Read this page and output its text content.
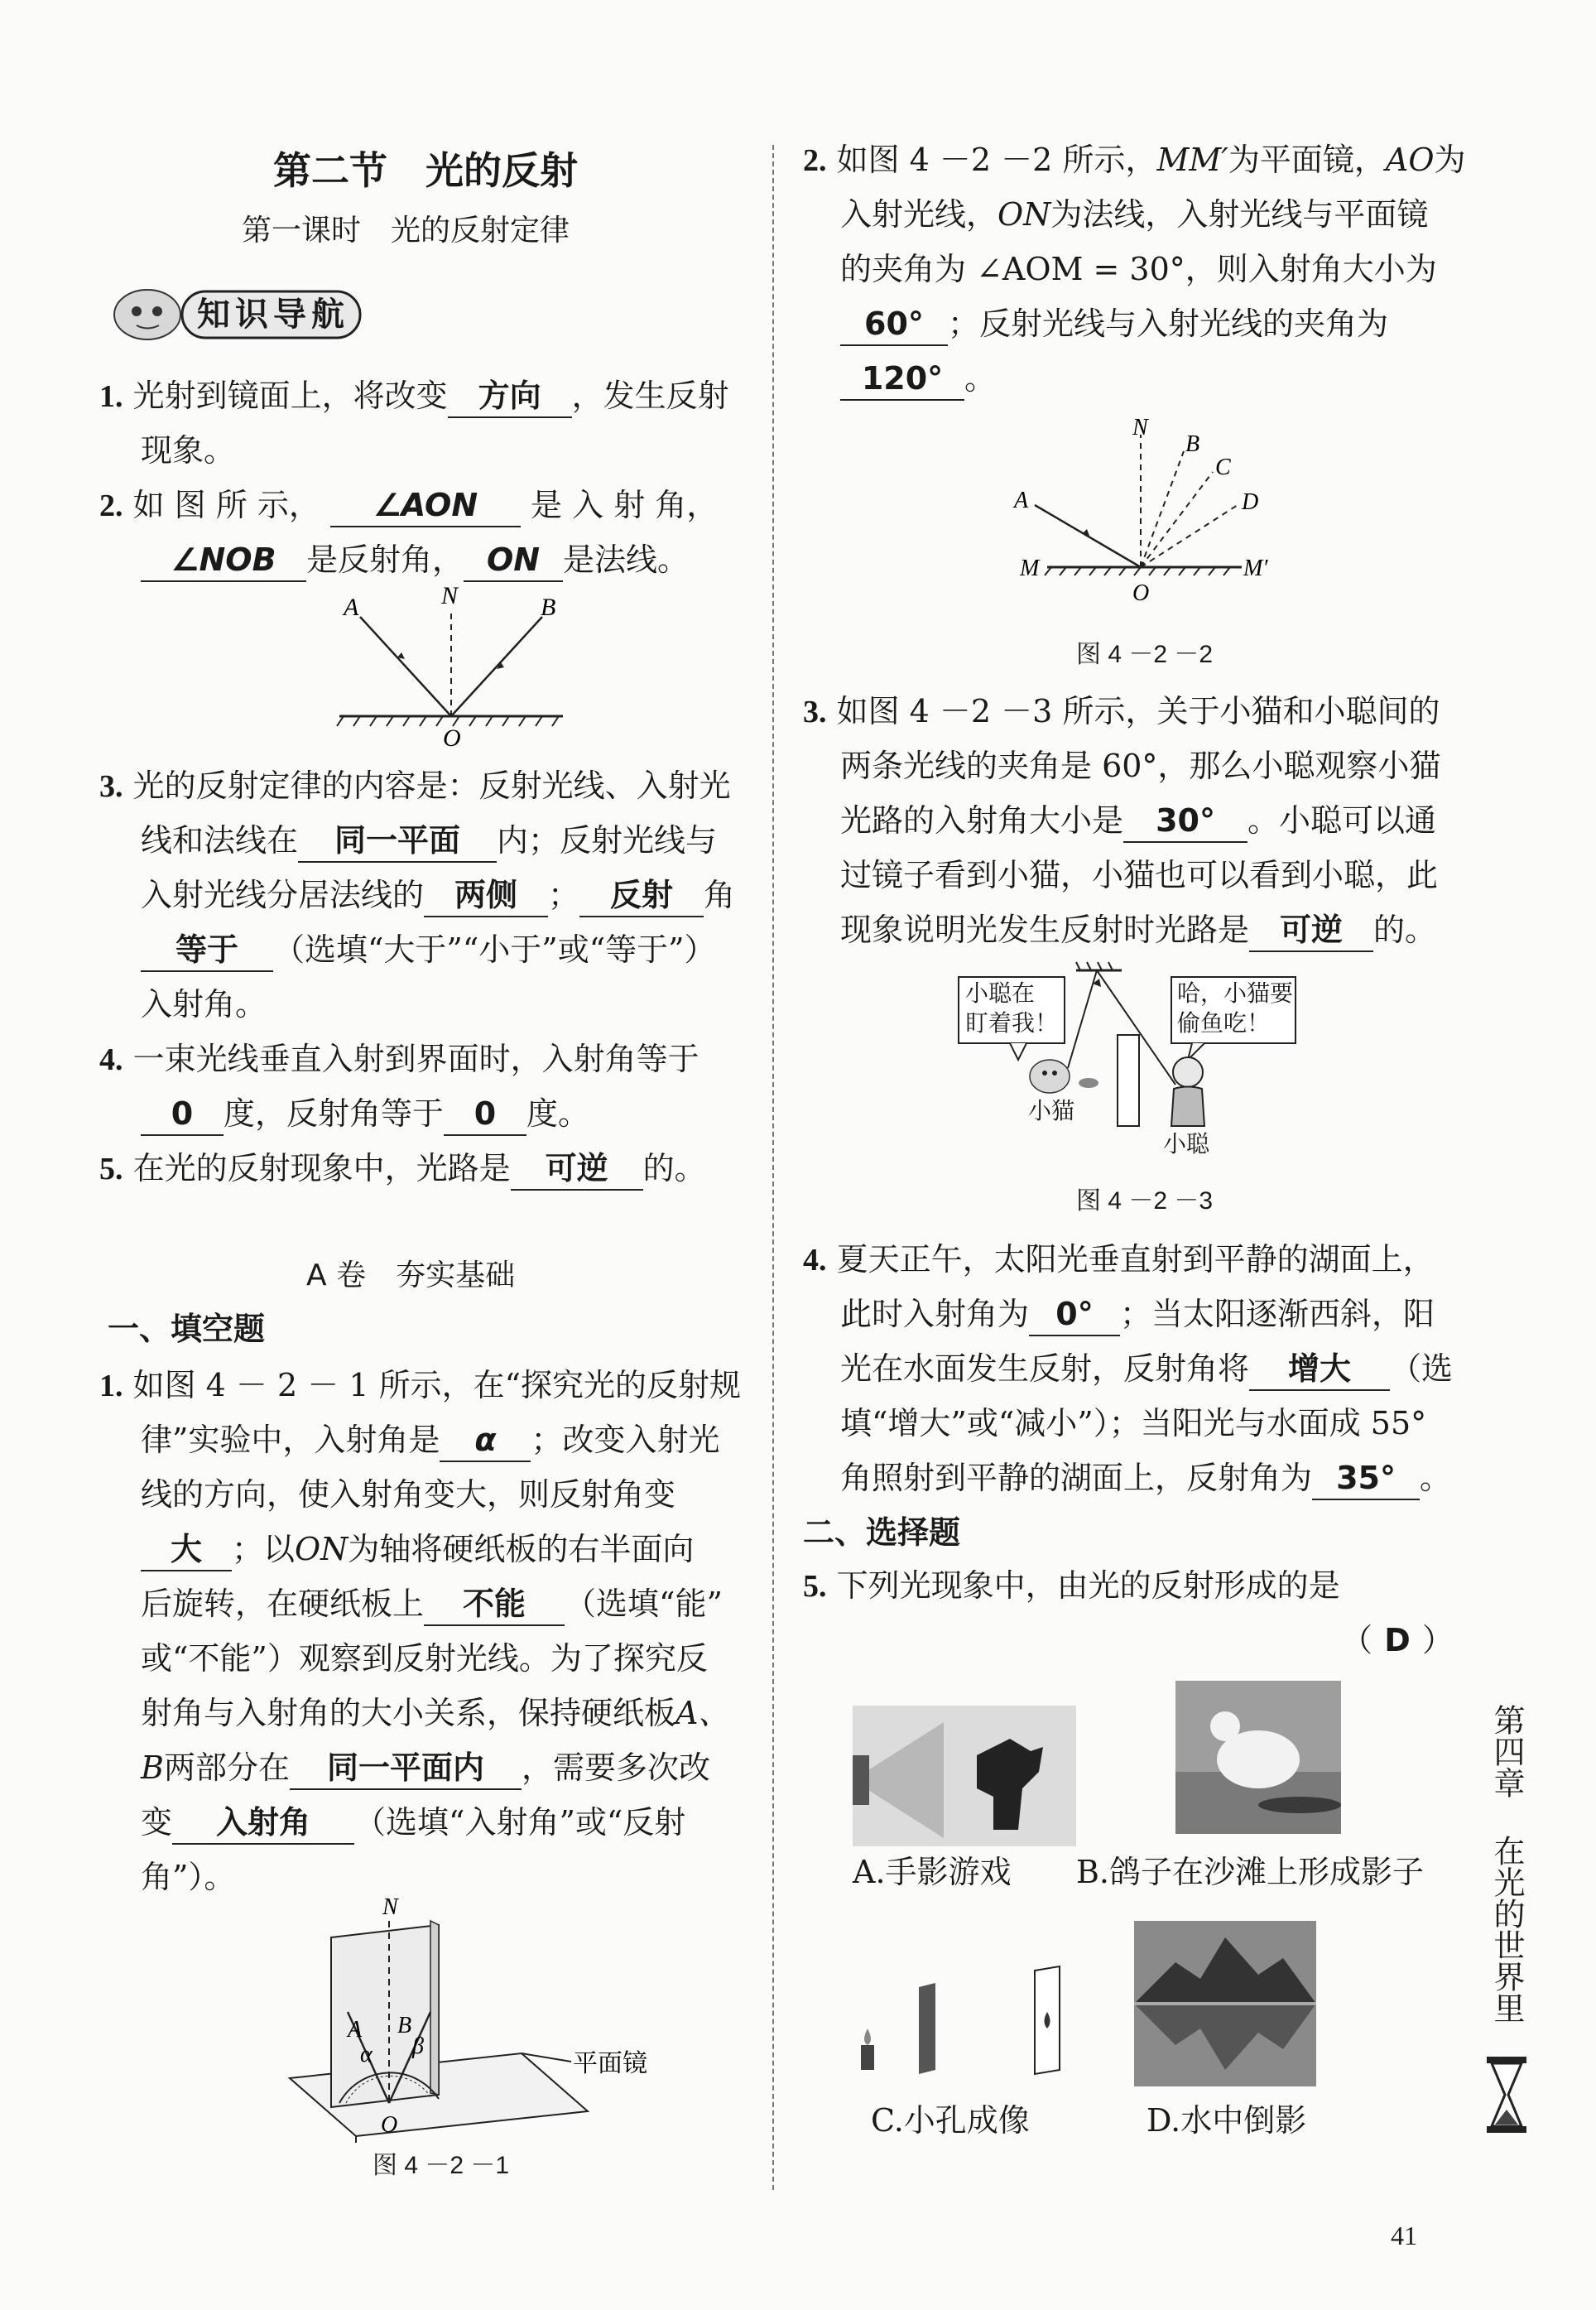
第二节　光的反射
第一课时　光的反射定律
知识导航
1. 光射到镜面上，将改变 方向 ，发生反射
现象。
2. 如 图 所 示， ∠AON 是 入 射 角，
∠NOB 是反射角， ON 是法线。
A	N	B
O
3. 光的反射定律的内容是：反射光线、入射光
线和法线在 同一平面 内；反射光线与
入射光线分居法线的 两侧 ； 反射 角
等于 （选填“大于”“小于”或“等于”）
入射角。
4. 一束光线垂直入射到界面时，入射角等于
0 度，反射角等于 0 度。
5. 在光的反射现象中，光路是 可逆 的。
A 卷　夯实基础
一、填空题
1. 如图 4 － 2 － 1 所示，在“探究光的反射规
律”实验中，入射角是 α ；改变入射光
线的方向，使入射角变大，则反射角变
大 ；以ON为轴将硬纸板的右半面向
后旋转，在硬纸板上 不能 （选填“能”
或“不能”）观察到反射光线。为了探究反
射角与入射角的大小关系，保持硬纸板A、
B两部分在 同一平面内 ，需要多次改
变 入射角 （选填“入射角”或“反射
角”）。
N
A B
α β
O
平面镜
图 4 －2 －1
2. 如图 4 －2 －2 所示，MM′为平面镜，AO为
入射光线，ON为法线，入射光线与平面镜
的夹角为 ∠AOM = 30°，则入射角大小为
60° ；反射光线与入射光线的夹角为
120° 。
N
B
C
D
A
M	M′
O
图 4 －2 －2
3. 如图 4 －2 －3 所示，关于小猫和小聪间的
两条光线的夹角是 60°，那么小聪观察小猫
光路的入射角大小是 30° 。小聪可以通
过镜子看到小猫，小猫也可以看到小聪，此
现象说明光发生反射时光路是 可逆 的。
小聪在
盯着我！
哈，小猫要
偷鱼吃！
小猫
小聪
图 4 －2 －3
4. 夏天正午，太阳光垂直射到平静的湖面上，
此时入射角为 0° ；当太阳逐渐西斜，阳
光在水面发生反射，反射角将 增大 （选
填“增大”或“减小”）；当阳光与水面成 55°
角照射到平静的湖面上，反射角为 35° 。
二、选择题
5. 下列光现象中，由光的反射形成的是
（ D ）
A.手影游戏 B.鸽子在沙滩上形成影子
C.小孔成像	D.水中倒影
第四章
在光的世界里
41
